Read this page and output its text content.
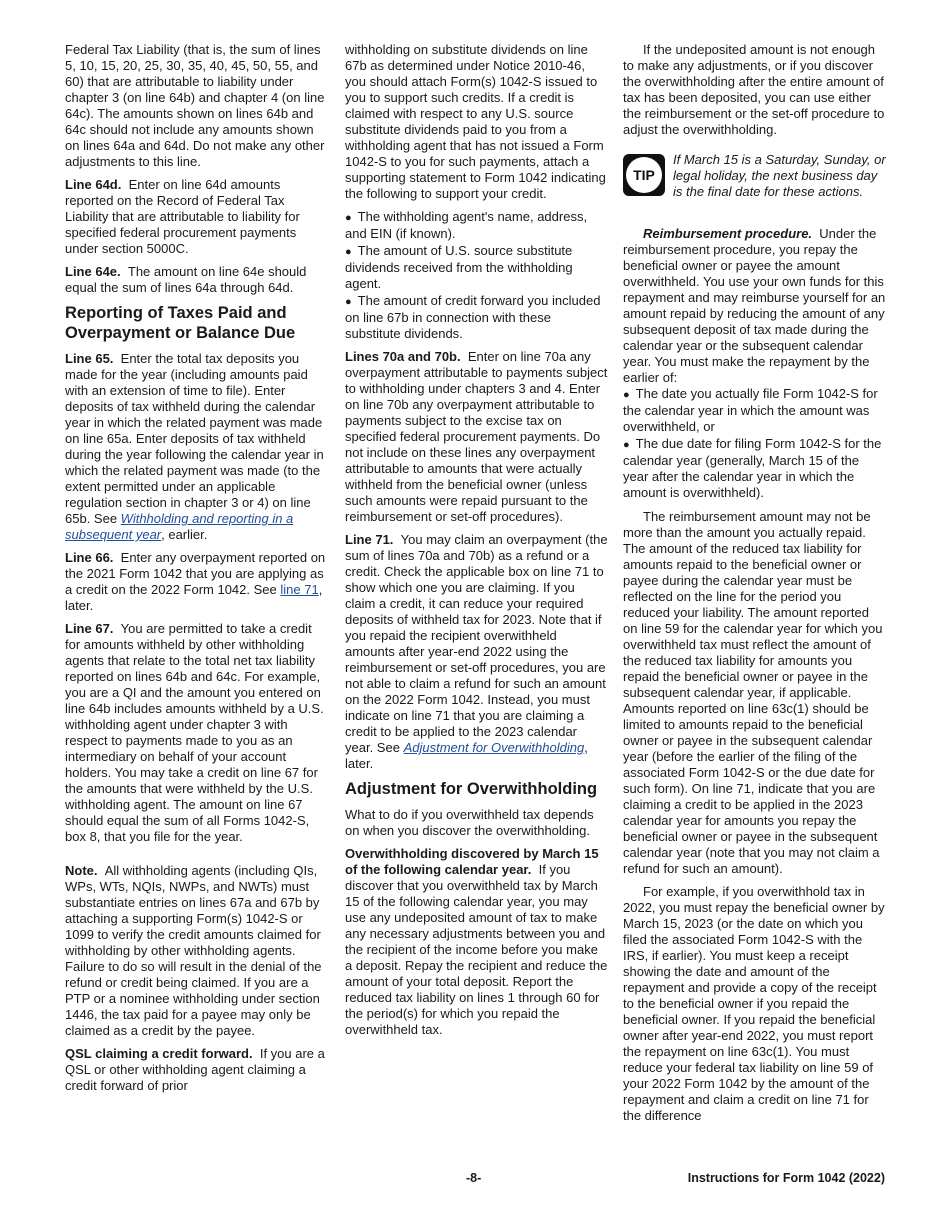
Federal Tax Liability (that is, the sum of lines 5, 10, 15, 20, 25, 30, 35, 40, 45, 50, 55, and 60) that are attributable to liability under chapter 3 (on line 64b) and chapter 4 (on line 64c). The amounts shown on lines 64b and 64c should not include any amounts shown on lines 64a and 64d. Do not make any other adjustments to this line.

Line 64d. Enter on line 64d amounts reported on the Record of Federal Tax Liability that are attributable to liability for specified federal procurement payments under section 5000C.

Line 64e. The amount on line 64e should equal the sum of lines 64a through 64d.

Reporting of Taxes Paid and Overpayment or Balance Due

Line 65. Enter the total tax deposits you made for the year (including amounts paid with an extension of time to file). Enter deposits of tax withheld during the calendar year in which the related payment was made on line 65a. Enter deposits of tax withheld during the year following the calendar year in which the related payment was made (to the extent permitted under an applicable regulation section in chapter 3 or 4) on line 65b. See Withholding and reporting in a subsequent year, earlier.

Line 66. Enter any overpayment reported on the 2021 Form 1042 that you are applying as a credit on the 2022 Form 1042. See line 71, later.

Line 67. You are permitted to take a credit for amounts withheld by other withholding agents that relate to the total net tax liability reported on lines 64b and 64c. For example, you are a QI and the amount you entered on line 64b includes amounts withheld by a U.S. withholding agent under chapter 3 with respect to payments made to you as an intermediary on behalf of your account holders. You may take a credit on line 67 for the amounts that were withheld by the U.S. withholding agent. The amount on line 67 should equal the sum of all Forms 1042-S, box 8, that you file for the year.

Note. All withholding agents (including QIs, WPs, WTs, NQIs, NWPs, and NWTs) must substantiate entries on lines 67a and 67b by attaching a supporting Form(s) 1042-S or 1099 to verify the credit amounts claimed for withholding by other withholding agents. Failure to do so will result in the denial of the refund or credit being claimed. If you are a PTP or a nominee withholding under section 1446, the tax paid for a payee may only be claimed as a credit by the payee.

QSL claiming a credit forward. If you are a QSL or other withholding agent claiming a credit forward of prior

withholding on substitute dividends on line 67b as determined under Notice 2010-46, you should attach Form(s) 1042-S issued to you to support such credits. If a credit is claimed with respect to any U.S. source substitute dividends paid to you from a withholding agent that has not issued a Form 1042-S to you for such payments, attach a supporting statement to Form 1042 indicating the following to support your credit.

● The withholding agent's name, address, and EIN (if known).
● The amount of U.S. source substitute dividends received from the withholding agent.
● The amount of credit forward you included on line 67b in connection with these substitute dividends.

Lines 70a and 70b. Enter on line 70a any overpayment attributable to payments subject to withholding under chapters 3 and 4. Enter on line 70b any overpayment attributable to payments subject to the excise tax on specified federal procurement payments. Do not include on these lines any overpayment attributable to amounts that were actually withheld from the beneficial owner (unless such amounts were repaid pursuant to the reimbursement or set-off procedures).

Line 71. You may claim an overpayment (the sum of lines 70a and 70b) as a refund or a credit. Check the applicable box on line 71 to show which one you are claiming. If you claim a credit, it can reduce your required deposits of withheld tax for 2023. Note that if you repaid the recipient overwithheld amounts after year-end 2022 using the reimbursement or set-off procedures, you are not able to claim a refund for such an amount on the 2022 Form 1042. Instead, you must indicate on line 71 that you are claiming a credit to be applied to the 2023 calendar year. See Adjustment for Overwithholding, later.

Adjustment for Overwithholding

What to do if you overwithheld tax depends on when you discover the overwithholding.

Overwithholding discovered by March 15 of the following calendar year. If you discover that you overwithheld tax by March 15 of the following calendar year, you may use any undeposited amount of tax to make any necessary adjustments between you and the recipient of the income before you make a deposit. Repay the recipient and reduce the amount of your total deposit. Report the reduced tax liability on lines 1 through 60 for the period(s) for which you repaid the overwithheld tax.

If the undeposited amount is not enough to make any adjustments, or if you discover the overwithholding after the entire amount of tax has been deposited, you can use either the reimbursement or the set-off procedure to adjust the overwithholding.

TIP
If March 15 is a Saturday, Sunday, or legal holiday, the next business day is the final date for these actions.

Reimbursement procedure. Under the reimbursement procedure, you repay the beneficial owner or payee the amount overwithheld. You use your own funds for this repayment and may reimburse yourself for an amount repaid by reducing the amount of any subsequent deposit of tax made during the calendar year or the subsequent calendar year. You must make the repayment by the earlier of:

● The date you actually file Form 1042-S for the calendar year in which the amount was overwithheld, or
● The due date for filing Form 1042-S for the calendar year (generally, March 15 of the year after the calendar year in which the amount is overwithheld).

The reimbursement amount may not be more than the amount you actually repaid. The amount of the reduced tax liability for amounts repaid to the beneficial owner or payee during the calendar year must be reflected on the line for the period you reduced your liability. The amount reported on line 59 for the calendar year for which you overwithheld tax must reflect the amount of the reduced tax liability for amounts you repaid the beneficial owner or payee in the subsequent calendar year, if applicable. Amounts reported on line 63c(1) should be limited to amounts repaid to the beneficial owner or payee in the subsequent calendar year (before the earlier of the filing of the associated Form 1042-S or the due date for such form). On line 71, indicate that you are claiming a credit to be applied in the 2023 calendar year for amounts you repay the beneficial owner or payee in the subsequent calendar year (note that you may not claim a refund for such an amount).

For example, if you overwithhold tax in 2022, you must repay the beneficial owner by March 15, 2023 (or the date on which you filed the associated Form 1042-S with the IRS, if earlier). You must keep a receipt showing the date and amount of the repayment and provide a copy of the receipt to the beneficial owner if you repaid the beneficial owner. If you repaid the beneficial owner after year-end 2022, you must report the repayment on line 63c(1). You must reduce your federal tax liability on line 59 of your 2022 Form 1042 by the amount of the repayment and claim a credit on line 71 for the difference

-8-	Instructions for Form 1042 (2022)
